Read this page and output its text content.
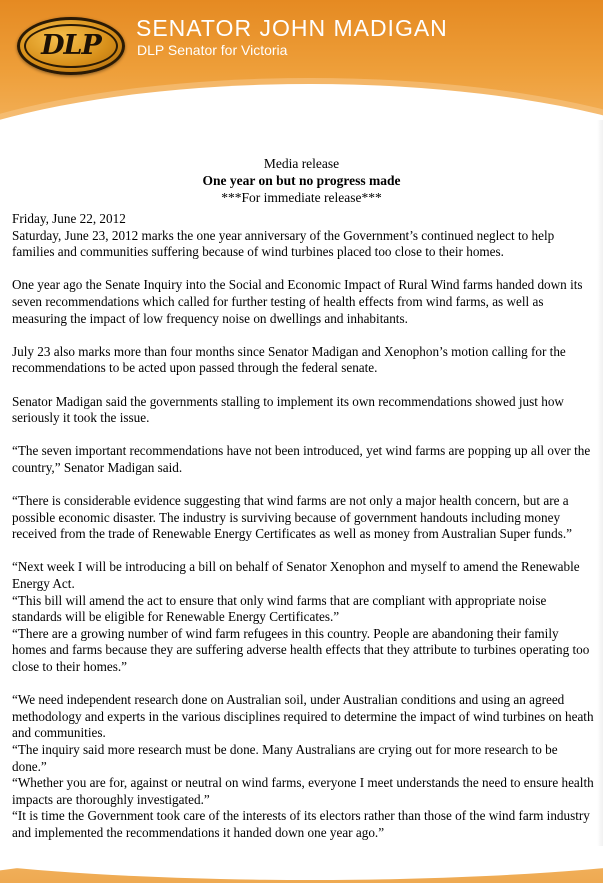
DLP
SENATOR JOHN MADIGAN
DLP Senator for Victoria
Media release
One year on but no progress made
***For immediate release***
Friday, June 22, 2012

Saturday, June 23, 2012 marks the one year anniversary of the Government’s continued neglect to help families and communities suffering because of wind turbines placed too close to their homes.

One year ago the Senate Inquiry into the Social and Economic Impact of Rural Wind farms handed down its seven recommendations which called for further testing of health effects from wind farms, as well as measuring the impact of low frequency noise on dwellings and inhabitants.

July 23 also marks more than four months since Senator Madigan and Xenophon’s motion calling for the recommendations to be acted upon passed through the federal senate.

Senator Madigan said the governments stalling to implement its own recommendations showed just how seriously it took the issue.

“The seven important recommendations have not been introduced, yet wind farms are popping up all over the country,” Senator Madigan said.

“There is considerable evidence suggesting that wind farms are not only a major health concern, but are a possible economic disaster. The industry is surviving because of government handouts including money received from the trade of Renewable Energy Certificates as well as money from Australian Super funds.”

“Next week I will be introducing a bill on behalf of Senator Xenophon and myself to amend the Renewable Energy Act.

“This bill will amend the act to ensure that only wind farms that are compliant with appropriate noise standards will be eligible for Renewable Energy Certificates.”

“There are a growing number of wind farm refugees in this country. People are abandoning their family homes and farms because they are suffering adverse health effects that they attribute to turbines operating too close to their homes.”

“We need independent research done on Australian soil, under Australian conditions and using an agreed methodology and experts in the various disciplines required to determine the impact of wind turbines on heath and communities.

“The inquiry said more research must be done. Many Australians are crying out for more research to be done.”

“Whether you are for, against or neutral on wind farms, everyone I meet understands the need to ensure health impacts are thoroughly investigated.”

“It is time the Government took care of the interests of its electors rather than those of the wind farm industry and implemented the recommendations it handed down one year ago.”
